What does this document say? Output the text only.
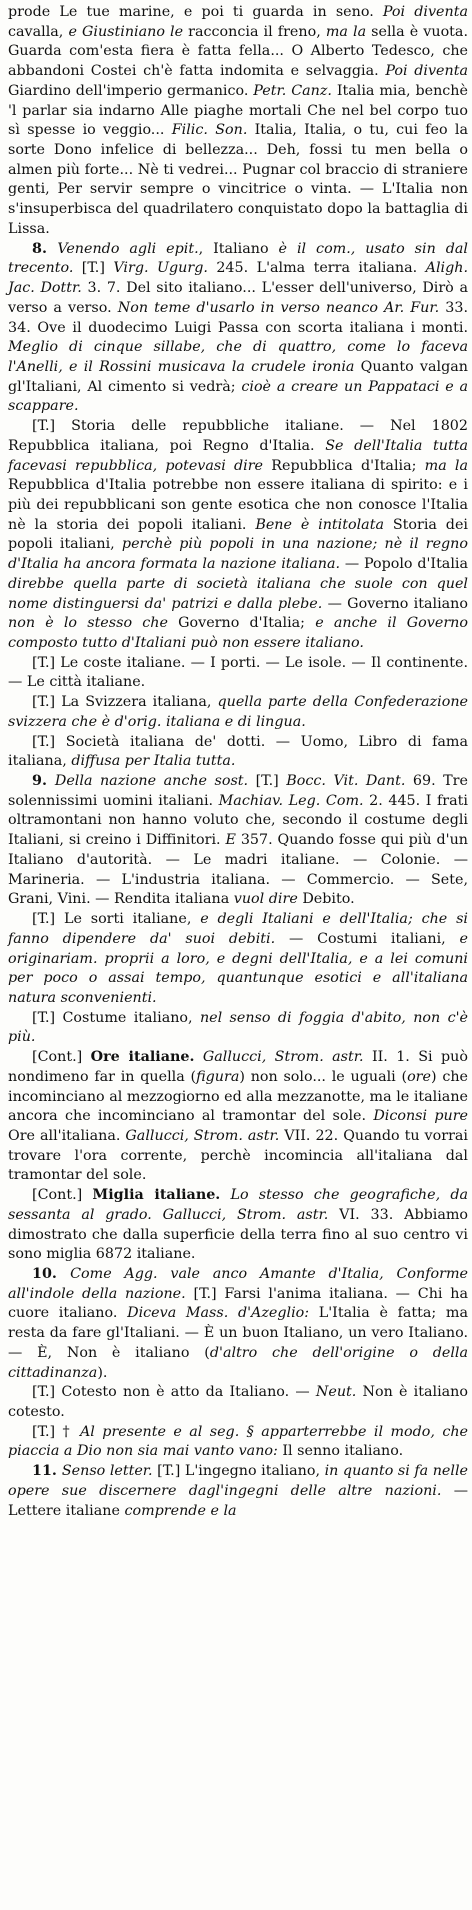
prode Le tue marine, e poi ti guarda in seno. Poi diventa cavalla, e Giustiniano le racconcia il freno, ma la sella è vuota. Guarda com'esta fiera è fatta fella... O Alberto Tedesco, che abbandoni Costei ch'è fatta indomita e selvaggia. Poi diventa Giardino dell'imperio germanico. Petr. Canz. Italia mia, benchè 'l parlar sia indarno Alle piaghe mortali Che nel bel corpo tuo sì spesse io veggio... Filic. Son. Italia, Italia, o tu, cui feo la sorte Dono infelice di bellezza... Deh, fossi tu men bella o almen più forte... Nè ti vedrei... Pugnar col braccio di straniere genti, Per servir sempre o vincitrice o vinta. — L'Italia non s'insuperbisca del quadrilatero conquistato dopo la battaglia di Lissa.

8. Venendo agli epit., Italiano è il com., usato sin dal trecento. [T.] Virg. Ugurg. 245. L'alma terra italiana. Aligh. Jac. Dottr. 3. 7. Del sito italiano... L'esser dell'universo, Dirò a verso a verso. Non teme d'usarlo in verso neanco Ar. Fur. 33. 34. Ove il duodecimo Luigi Passa con scorta italiana i monti. Meglio di cinque sillabe, che di quattro, come lo faceva l'Anelli, e il Rossini musicava la crudele ironia Quanto valgan gl'Italiani, Al cimento si vedrà; cioè a creare un Pappataci e a scappare.

[T.] Storia delle repubbliche italiane. — Nel 1802 Repubblica italiana, poi Regno d'Italia. Se dell'Italia tutta facevasi repubblica, potevasi dire Repubblica d'Italia; ma la Repubblica d'Italia potrebbe non essere italiana di spirito: e i più dei repubblicani son gente esotica che non conosce l'Italia nè la storia dei popoli italiani. Bene è intitolata Storia dei popoli italiani, perchè più popoli in una nazione; nè il regno d'Italia ha ancora formata la nazione italiana. — Popolo d'Italia direbbe quella parte di società italiana che suole con quel nome distinguersi da' patrizi e dalla plebe. — Governo italiano non è lo stesso che Governo d'Italia; e anche il Governo composto tutto d'Italiani può non essere italiano.

[T.] Le coste italiane. — I porti. — Le isole. — Il continente. — Le città italiane.

[T.] La Svizzera italiana, quella parte della Confederazione svizzera che è d'orig. italiana e di lingua.

[T.] Società italiana de' dotti. — Uomo, Libro di fama italiana, diffusa per Italia tutta.

9. Della nazione anche sost. [T.] Bocc. Vit. Dant. 69. Tre solennissimi uomini italiani. Machiav. Leg. Com. 2. 445. I frati oltramontani non hanno voluto che, secondo il costume degli Italiani, si creino i Diffinitori. E 357. Quando fosse qui più d'un Italiano d'autorità. — Le madri italiane. — Colonie. — Marineria. — L'industria italiana. — Commercio. — Sete, Grani, Vini. — Rendita italiana vuol dire Debito.

[T.] Le sorti italiane, e degli Italiani e dell'Italia; che si fanno dipendere da' suoi debiti. — Costumi italiani, e originariam. proprii a loro, e degni dell'Italia, e a lei comuni per poco o assai tempo, quantunque esotici e all'italiana natura sconvenienti.

[T.] Costume italiano, nel senso di foggia d'abito, non c'è più.

[Cont.] Ore italiane. Gallucci, Strom. astr. II. 1. Si può nondimeno far in quella (figura) non solo... le uguali (ore) che incominciano al mezzogiorno ed alla mezzanotte, ma le italiane ancora che incominciano al tramontar del sole. Diconsi pure Ore all'italiana. Gallucci, Strom. astr. VII. 22. Quando tu vorrai trovare l'ora corrente, perchè incomincia all'italiana dal tramontar del sole.

[Cont.] Miglia italiane. Lo stesso che geografiche, da sessanta al grado. Gallucci, Strom. astr. VI. 33. Abbiamo dimostrato che dalla superficie della terra fino al suo centro vi sono miglia 6872 italiane.

10. Come Agg. vale anco Amante d'Italia, Conforme all'indole della nazione. [T.] Farsi l'anima italiana. — Chi ha cuore italiano. Diceva Mass. d'Azeglio: L'Italia è fatta; ma resta da fare gl'Italiani. — È un buon Italiano, un vero Italiano. — È, Non è italiano (d'altro che dell'origine o della cittadinanza).

[T.] Cotesto non è atto da Italiano. — Neut. Non è italiano cotesto.

[T.] † Al presente e al seg. § apparterrebbe il modo, che piaccia a Dio non sia mai vanto vano: Il senno italiano.

11. Senso letter. [T.] L'ingegno italiano, in quanto si fa nelle opere sue discernere dagl'ingegni delle altre nazioni. — Lettere italiane comprende e la
